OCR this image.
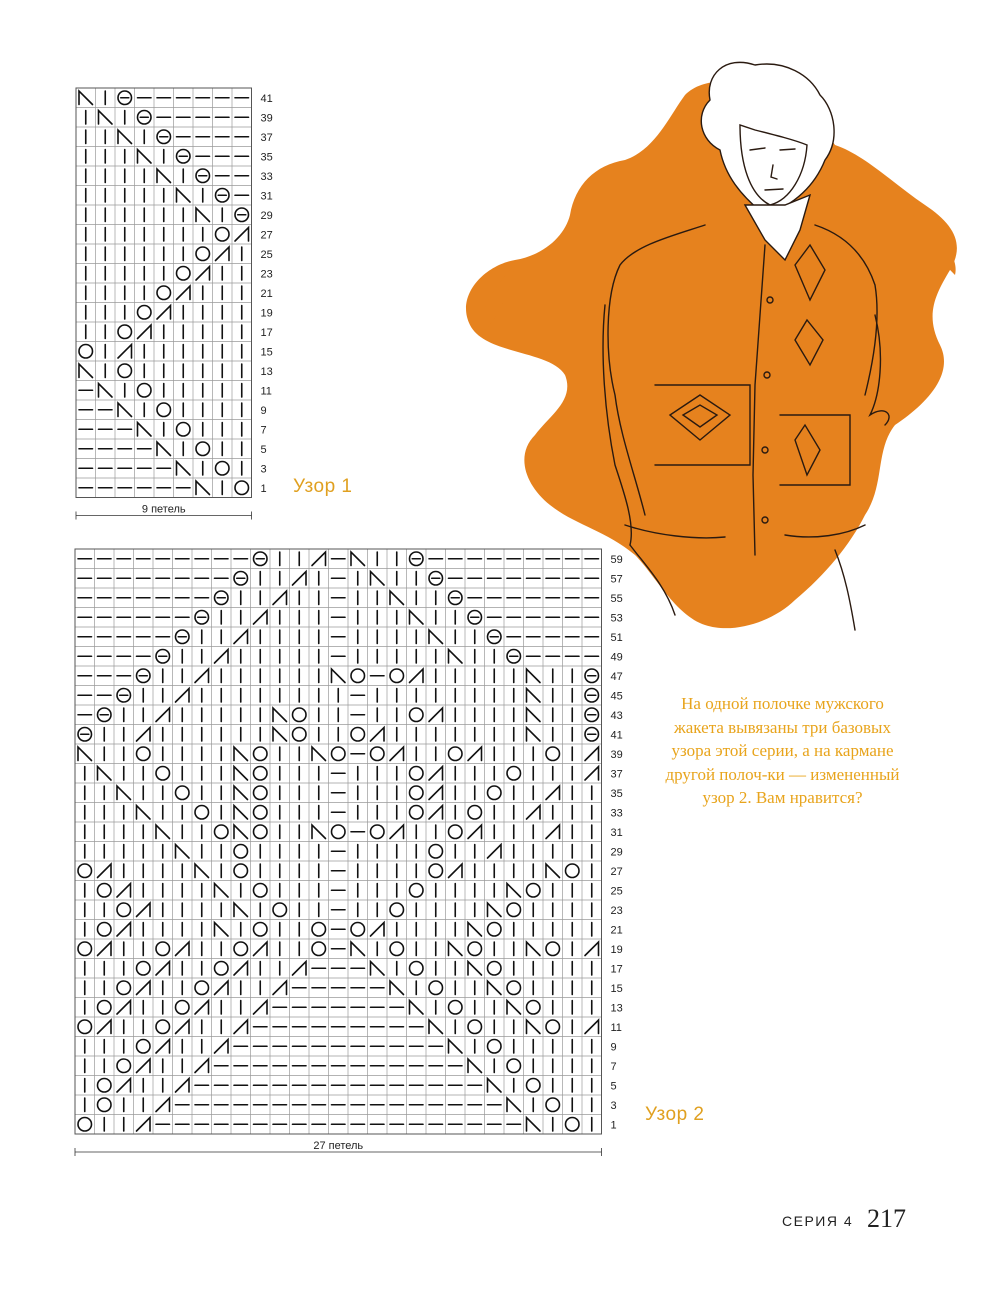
41
39
37
35
33
31
29
27
25
23
21
19
17
15
13
11
9
7
5
3
1
9 петель
Узор 1
59
57
55
53
51
49
47
45
43
41
39
37
35
33
31
29
27
25
23
21
19
17
15
13
11
9
7
5
3
1
27 петель
Узор 2
На одной полочке мужского жакета вывязаны три базовых узора этой серии, а на кармане другой полоч-ки — измененный узор 2. Вам нравится?
СЕРИЯ 4 217
